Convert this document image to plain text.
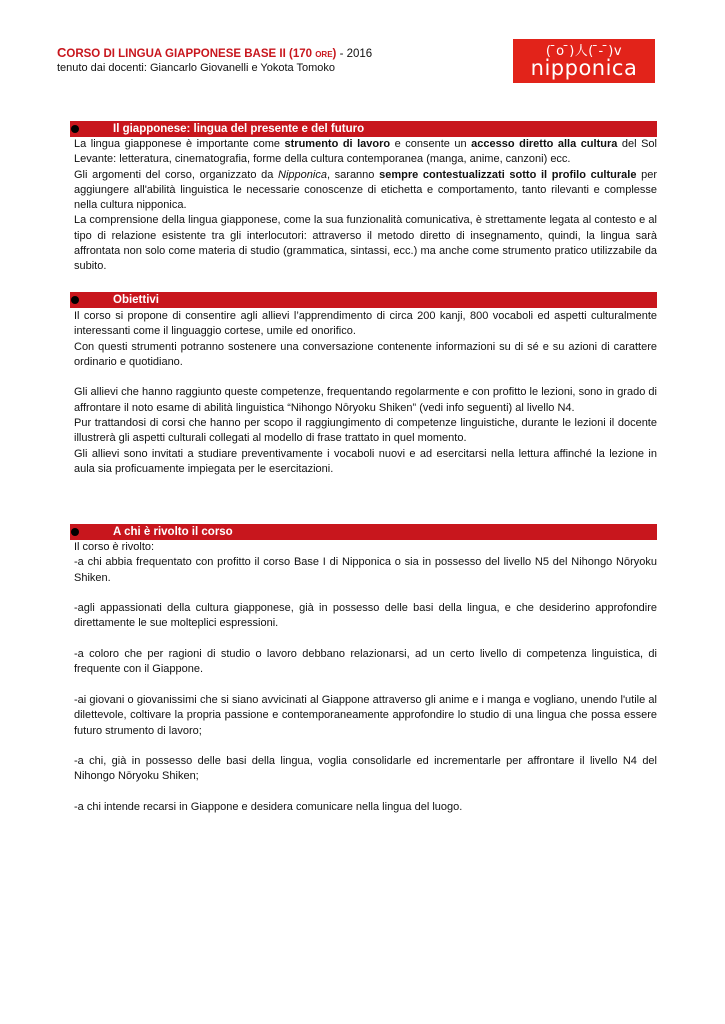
CORSO DI LINGUA GIAPPONESE BASE II (170 ORE) - 2016
tenuto dai docenti: Giancarlo Giovanelli e Yokota Tomoko
( ̄o ̄)人( ̄- ̄)v
nipponica
Il giapponese: lingua del presente e del futuro

La lingua giapponese è importante come strumento di lavoro e consente un accesso diretto alla cultura del Sol Levante: letteratura, cinematografia, forme della cultura contemporanea (manga, anime, canzoni) ecc.

Gli argomenti del corso, organizzato da Nipponica, saranno sempre contestualizzati sotto il profilo culturale per aggiungere all'abilità linguistica le necessarie conoscenze di etichetta e comportamento, tanto rilevanti e complesse nella cultura nipponica.

La comprensione della lingua giapponese, come la sua funzionalità comunicativa, è strettamente legata al contesto e al tipo di relazione esistente tra gli interlocutori: attraverso il metodo diretto di insegnamento, quindi, la lingua sarà affrontata non solo come materia di studio (grammatica, sintassi, ecc.) ma anche come strumento pratico utilizzabile da subito.

Obiettivi

Il corso si propone di consentire agli allievi l’apprendimento di circa 200 kanji, 800 vocaboli ed aspetti culturalmente interessanti come il linguaggio cortese, umile ed onorifico.

Con questi strumenti potranno sostenere una conversazione contenente informazioni su di sé e su azioni di carattere ordinario e quotidiano.

Gli allievi che hanno raggiunto queste competenze, frequentando regolarmente e con profitto le lezioni, sono in grado di affrontare il noto esame di abilità linguistica “Nihongo Nōryoku Shiken” (vedi info seguenti) al livello N4.

Pur trattandosi di corsi che hanno per scopo il raggiungimento di competenze linguistiche, durante le lezioni il docente illustrerà gli aspetti culturali collegati al modello di frase trattato in quel momento.

Gli allievi sono invitati a studiare preventivamente i vocaboli nuovi e ad esercitarsi nella lettura affinché la lezione in aula sia proficuamente impiegata per le esercitazioni.

A chi è rivolto il corso

Il corso è rivolto:

-a chi abbia frequentato con profitto il corso Base I di Nipponica o sia in possesso del livello N5 del Nihongo Nōryoku Shiken.

-agli appassionati della cultura giapponese, già in possesso delle basi della lingua, e che desiderino approfondire direttamente le sue molteplici espressioni.

-a coloro che per ragioni di studio o lavoro debbano relazionarsi, ad un certo livello di competenza linguistica, di frequente con il Giappone.

-ai giovani o giovanissimi che si siano avvicinati al Giappone attraverso gli anime e i manga e vogliano, unendo l'utile al dilettevole, coltivare la propria passione e contemporaneamente approfondire lo studio di una lingua che possa essere futuro strumento di lavoro;

-a chi, già in possesso delle basi della lingua, voglia consolidarle ed incrementarle per affrontare il livello N4 del Nihongo Nōryoku Shiken;

-a chi intende recarsi in Giappone e desidera comunicare nella lingua del luogo.
